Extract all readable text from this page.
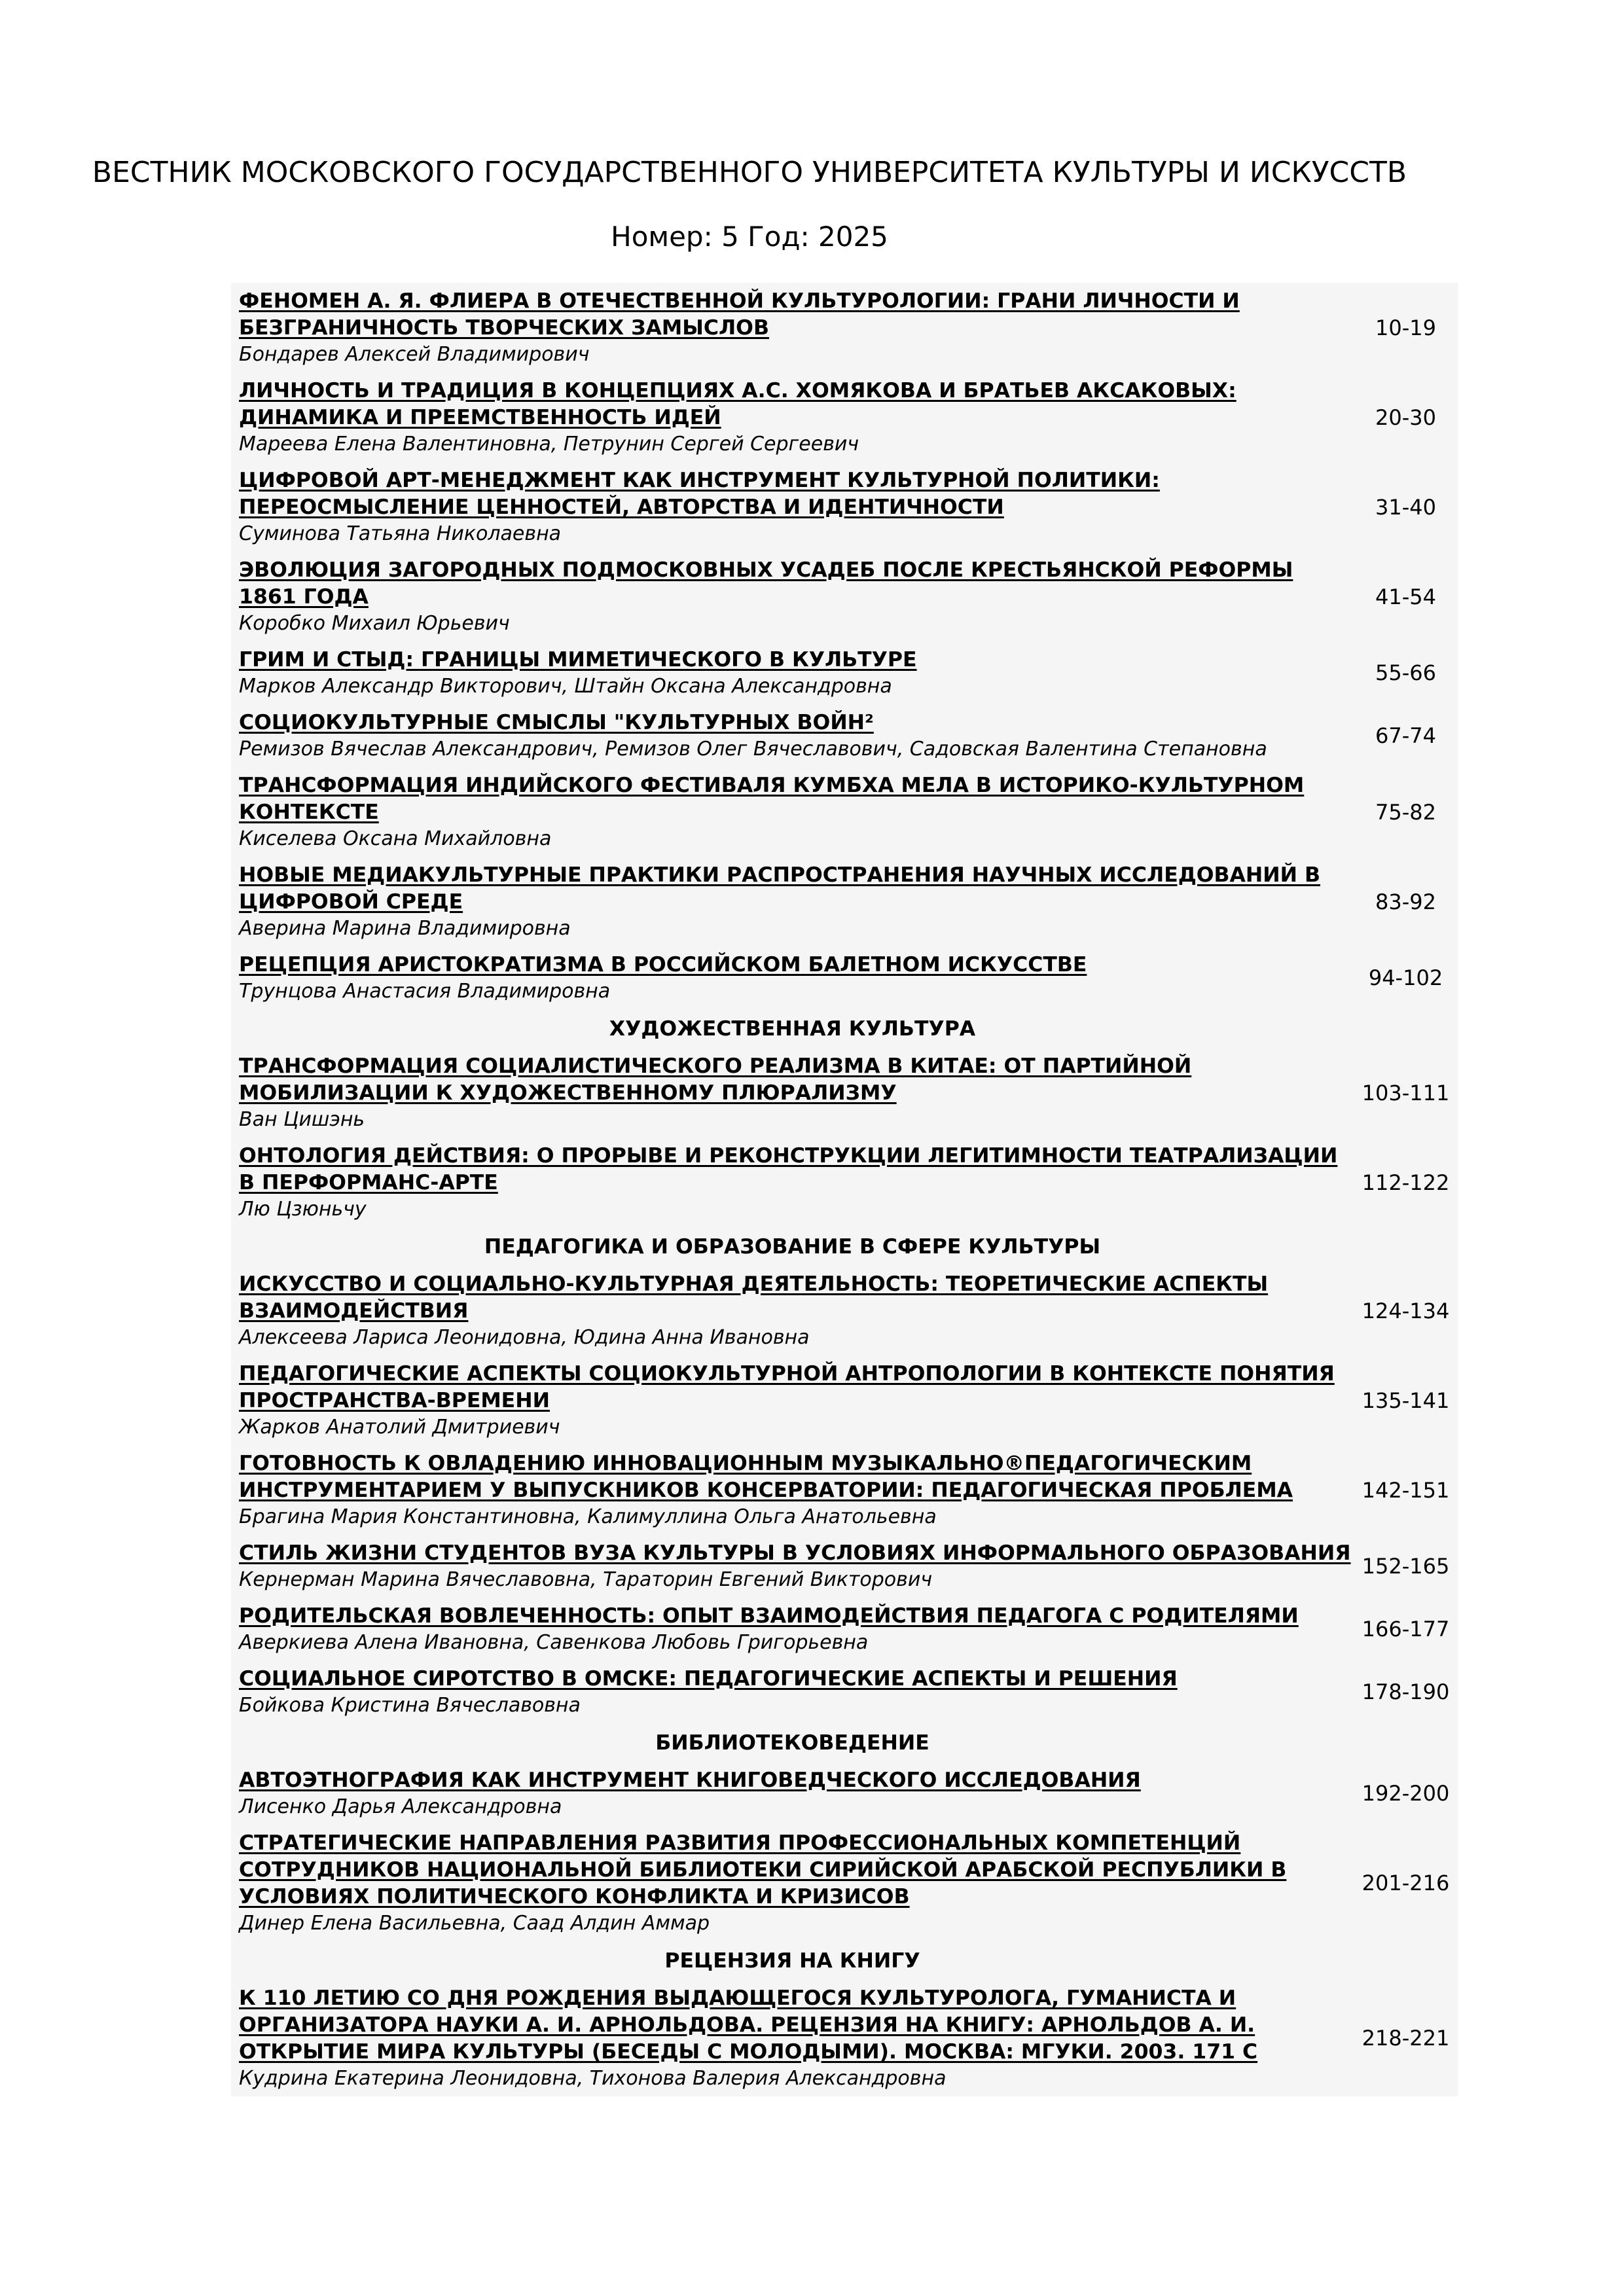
ВЕСТНИК МОСКОВСКОГО ГОСУДАРСТВЕННОГО УНИВЕРСИТЕТА КУЛЬТУРЫ И ИСКУССТВ
Номер: 5 Год: 2025
ФЕНОМЕН А. Я. ФЛИЕРА В ОТЕЧЕСТВЕННОЙ КУЛЬТУРОЛОГИИ: ГРАНИ ЛИЧНОСТИ И БЕЗГРАНИЧНОСТЬ ТВОРЧЕСКИХ ЗАМЫСЛОВ
Бондарев Алексей Владимирович
10-19
ЛИЧНОСТЬ И ТРАДИЦИЯ В КОНЦЕПЦИЯХ А.С. ХОМЯКОВА И БРАТЬЕВ АКСАКОВЫХ: ДИНАМИКА И ПРЕЕМСТВЕННОСТЬ ИДЕЙ
Мареева Елена Валентиновна, Петрунин Сергей Сергеевич
20-30
ЦИФРОВОЙ АРТ-МЕНЕДЖМЕНТ КАК ИНСТРУМЕНТ КУЛЬТУРНОЙ ПОЛИТИКИ: ПЕРЕОСМЫСЛЕНИЕ ЦЕННОСТЕЙ, АВТОРСТВА И ИДЕНТИЧНОСТИ
Суминова Татьяна Николаевна
31-40
ЭВОЛЮЦИЯ ЗАГОРОДНЫХ ПОДМОСКОВНЫХ УСАДЕБ ПОСЛЕ КРЕСТЬЯНСКОЙ РЕФОРМЫ 1861 ГОДА
Коробко Михаил Юрьевич
41-54
ГРИМ И СТЫД: ГРАНИЦЫ МИМЕТИЧЕСКОГО В КУЛЬТУРЕ
Марков Александр Викторович, Штайн Оксана Александровна
55-66
СОЦИОКУЛЬТУРНЫЕ СМЫСЛЫ "КУЛЬТУРНЫХ ВОЙН²
Ремизов Вячеслав Александрович, Ремизов Олег Вячеславович, Садовская Валентина Степановна
67-74
ТРАНСФОРМАЦИЯ ИНДИЙСКОГО ФЕСТИВАЛЯ КУМБХА МЕЛА В ИСТОРИКО-КУЛЬТУРНОМ КОНТЕКСТЕ
Киселева Оксана Михайловна
75-82
НОВЫЕ МЕДИАКУЛЬТУРНЫЕ ПРАКТИКИ РАСПРОСТРАНЕНИЯ НАУЧНЫХ ИССЛЕДОВАНИЙ В ЦИФРОВОЙ СРЕДЕ
Аверина Марина Владимировна
83-92
РЕЦЕПЦИЯ АРИСТОКРАТИЗМА В РОССИЙСКОМ БАЛЕТНОМ ИСКУССТВЕ
Трунцова Анастасия Владимировна
94-102
ХУДОЖЕСТВЕННАЯ КУЛЬТУРА
ТРАНСФОРМАЦИЯ СОЦИАЛИСТИЧЕСКОГО РЕАЛИЗМА В КИТАЕ: ОТ ПАРТИЙНОЙ МОБИЛИЗАЦИИ К ХУДОЖЕСТВЕННОМУ ПЛЮРАЛИЗМУ
Ван Цишэнь
103-111
ОНТОЛОГИЯ ДЕЙСТВИЯ: О ПРОРЫВЕ И РЕКОНСТРУКЦИИ ЛЕГИТИМНОСТИ ТЕАТРАЛИЗАЦИИ В ПЕРФОРМАНС-АРТЕ
Лю Цзюньчу
112-122
ПЕДАГОГИКА И ОБРАЗОВАНИЕ В СФЕРЕ КУЛЬТУРЫ
ИСКУССТВО И СОЦИАЛЬНО-КУЛЬТУРНАЯ ДЕЯТЕЛЬНОСТЬ: ТЕОРЕТИЧЕСКИЕ АСПЕКТЫ ВЗАИМОДЕЙСТВИЯ
Алексеева Лариса Леонидовна, Юдина Анна Ивановна
124-134
ПЕДАГОГИЧЕСКИЕ АСПЕКТЫ СОЦИОКУЛЬТУРНОЙ АНТРОПОЛОГИИ В КОНТЕКСТЕ ПОНЯТИЯ ПРОСТРАНСТВА-ВРЕМЕНИ
Жарков Анатолий Дмитриевич
135-141
ГОТОВНОСТЬ К ОВЛАДЕНИЮ ИННОВАЦИОННЫМ МУЗЫКАЛЬНО®ПЕДАГОГИЧЕСКИМ ИНСТРУМЕНТАРИЕМ У ВЫПУСКНИКОВ КОНСЕРВАТОРИИ: ПЕДАГОГИЧЕСКАЯ ПРОБЛЕМА
Брагина Мария Константиновна, Калимуллина Ольга Анатольевна
142-151
СТИЛЬ ЖИЗНИ СТУДЕНТОВ ВУЗА КУЛЬТУРЫ В УСЛОВИЯХ ИНФОРМАЛЬНОГО ОБРАЗОВАНИЯ
Кернерман Марина Вячеславовна, Тараторин Евгений Викторович
152-165
РОДИТЕЛЬСКАЯ ВОВЛЕЧЕННОСТЬ: ОПЫТ ВЗАИМОДЕЙСТВИЯ ПЕДАГОГА С РОДИТЕЛЯМИ
Аверкиева Алена Ивановна, Савенкова Любовь Григорьевна
166-177
СОЦИАЛЬНОЕ СИРОТСТВО В ОМСКЕ: ПЕДАГОГИЧЕСКИЕ АСПЕКТЫ И РЕШЕНИЯ
Бойкова Кристина Вячеславовна
178-190
БИБЛИОТЕКОВЕДЕНИЕ
АВТОЭТНОГРАФИЯ КАК ИНСТРУМЕНТ КНИГОВЕДЧЕСКОГО ИССЛЕДОВАНИЯ
Лисенко Дарья Александровна
192-200
СТРАТЕГИЧЕСКИЕ НАПРАВЛЕНИЯ РАЗВИТИЯ ПРОФЕССИОНАЛЬНЫХ КОМПЕТЕНЦИЙ СОТРУДНИКОВ НАЦИОНАЛЬНОЙ БИБЛИОТЕКИ СИРИЙСКОЙ АРАБСКОЙ РЕСПУБЛИКИ В УСЛОВИЯХ ПОЛИТИЧЕСКОГО КОНФЛИКТА И КРИЗИСОВ
Динер Елена Васильевна, Саад Алдин Аммар
201-216
РЕЦЕНЗИЯ НА КНИГУ
К 110 ЛЕТИЮ СО ДНЯ РОЖДЕНИЯ ВЫДАЮЩЕГОСЯ КУЛЬТУРОЛОГА, ГУМАНИСТА И ОРГАНИЗАТОРА НАУКИ А. И. АРНОЛЬДОВА. РЕЦЕНЗИЯ НА КНИГУ: АРНОЛЬДОВ А. И. ОТКРЫТИЕ МИРА КУЛЬТУРЫ (БЕСЕДЫ С МОЛОДЫМИ). МОСКВА: МГУКИ. 2003. 171 С
Кудрина Екатерина Леонидовна, Тихонова Валерия Александровна
218-221
